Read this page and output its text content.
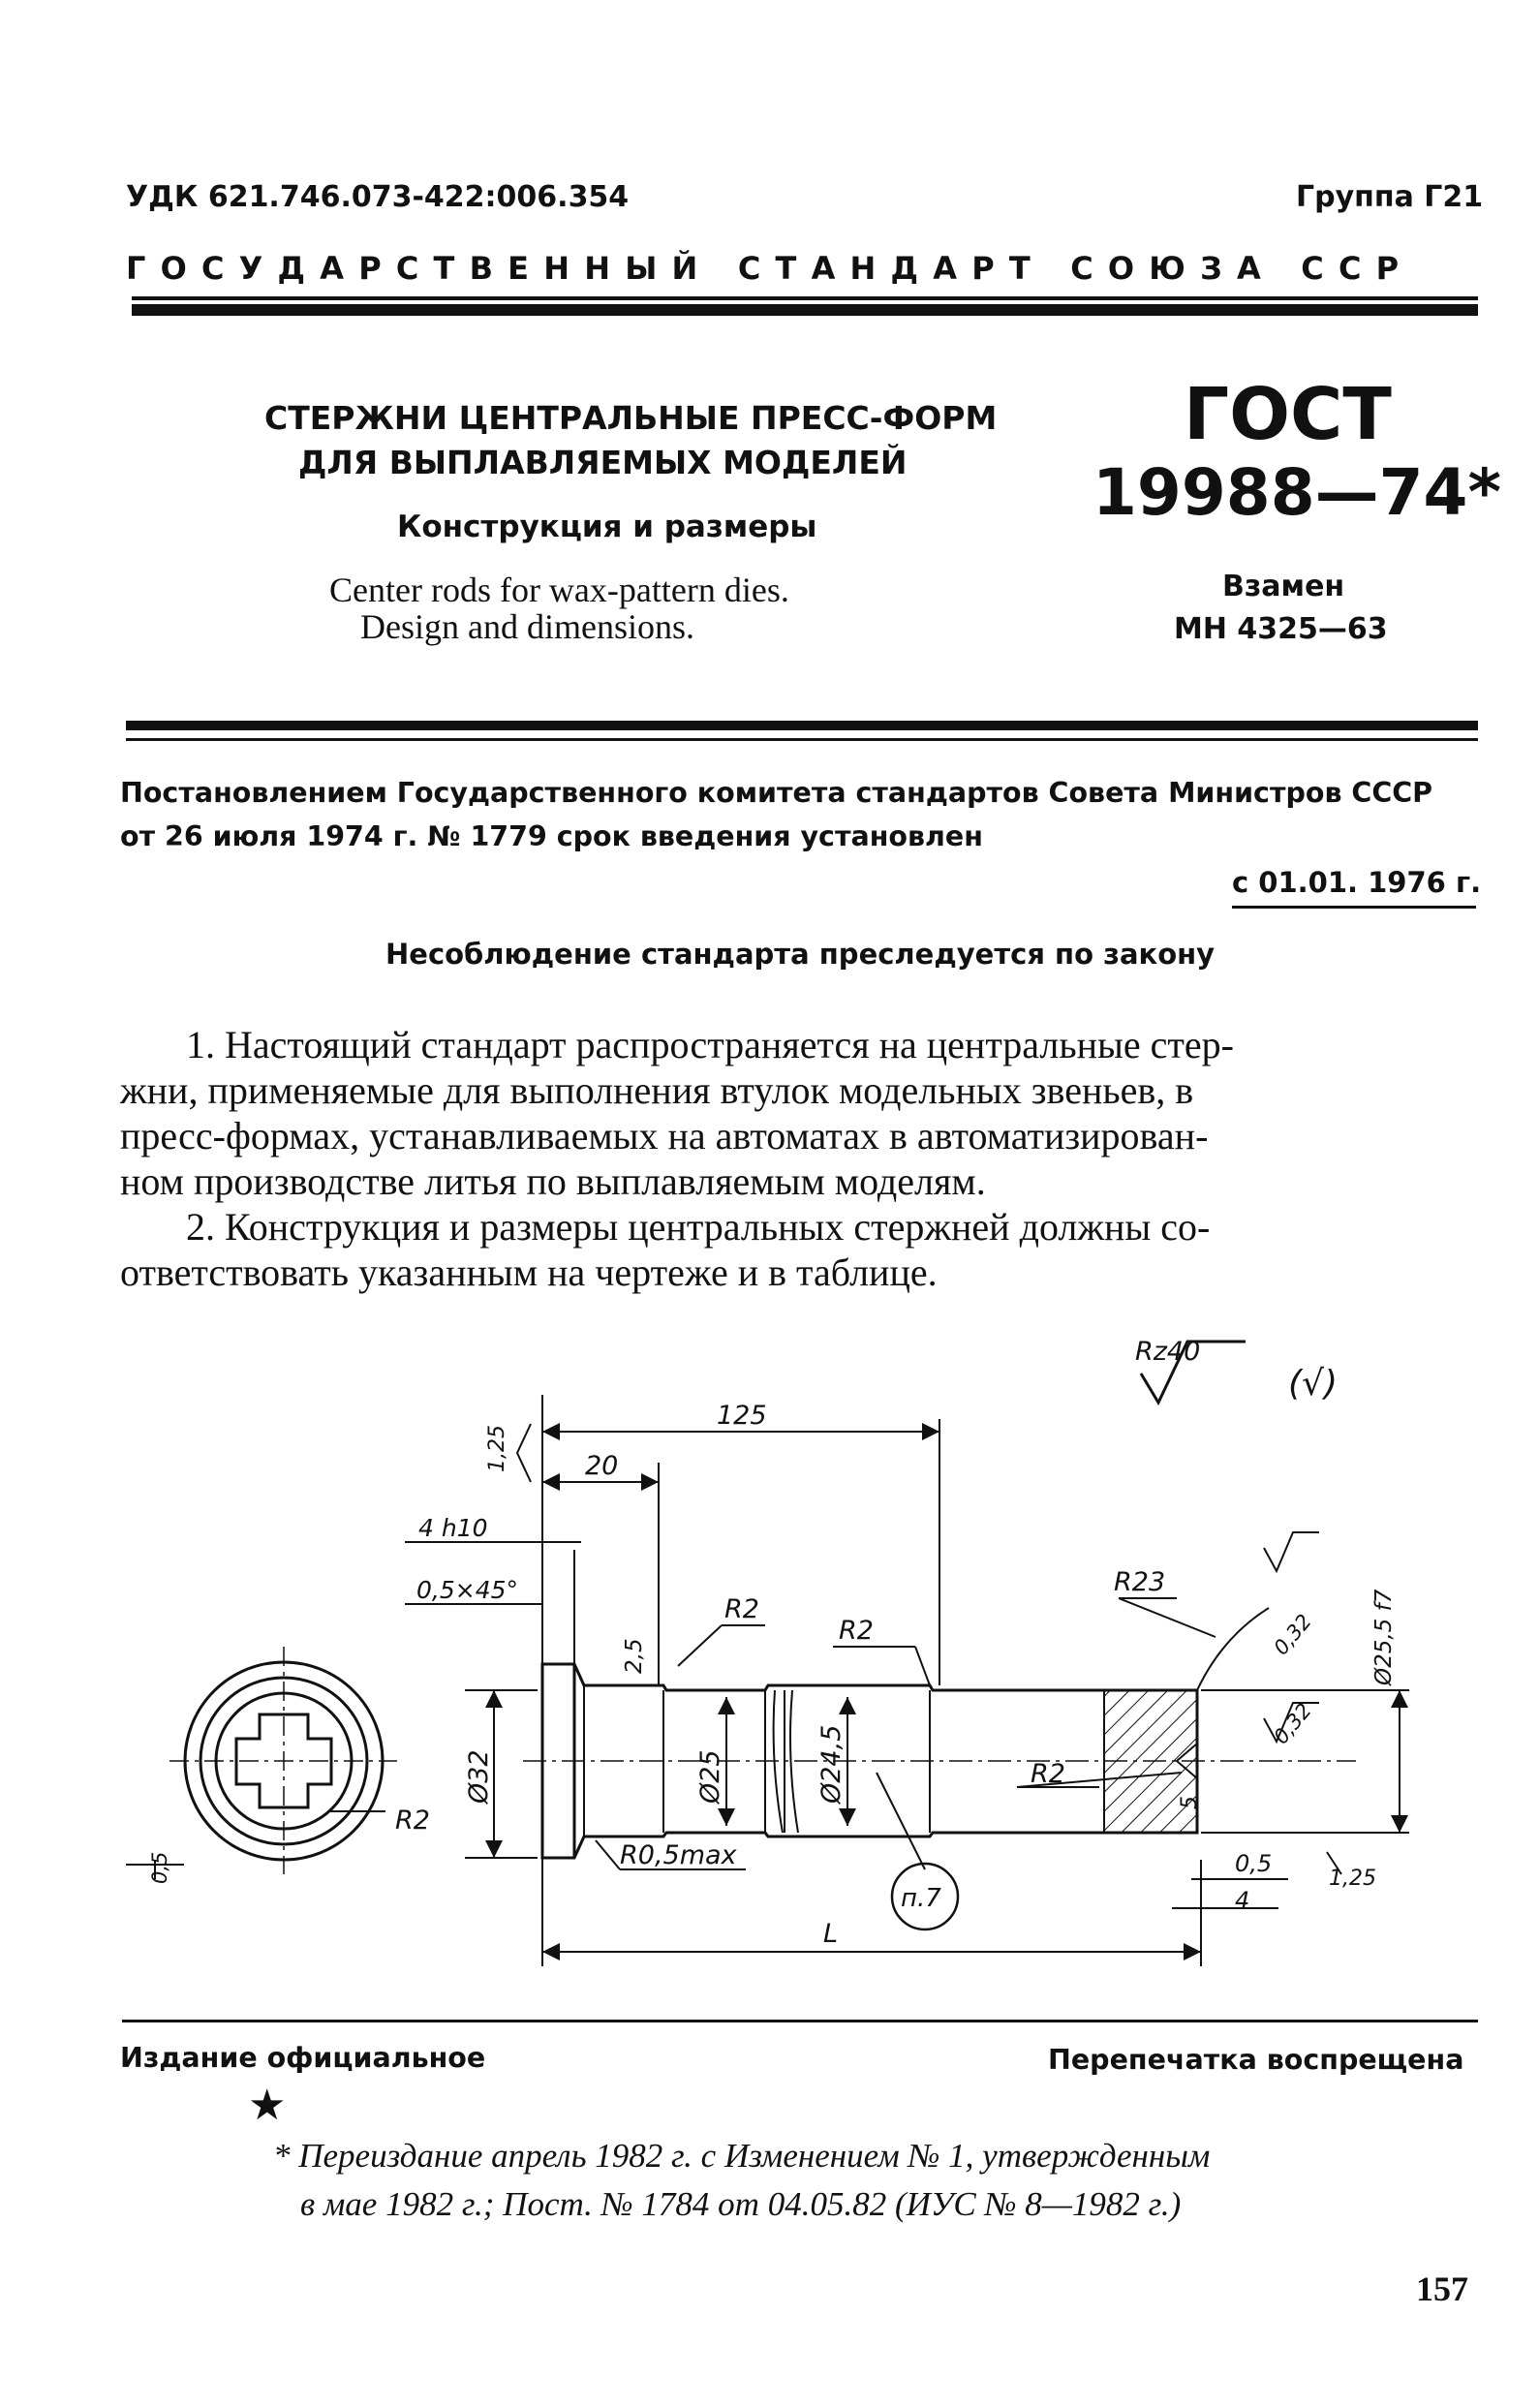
УДК 621.746.073-422:006.354	Группа Г21
ГОСУДАРСТВЕННЫЙ СТАНДАРТ СОЮЗА ССР
СТЕРЖНИ ЦЕНТРАЛЬНЫЕ ПРЕСС-ФОРМ
ДЛЯ ВЫПЛАВЛЯЕМЫХ МОДЕЛЕЙ
Конструкция и размеры
Center rods for wax-pattern dies.
Design and dimensions.
ГОСТ
19988—74*
Взамен
МН 4325—63
Постановлением Государственного комитета стандартов Совета Министров СССР
от 26 июля 1974 г. № 1779 срок введения установлен
с 01.01. 1976 г.
Несоблюдение стандарта преследуется по закону
1. Настоящий стандарт распространяется на центральные стер-
жни, применяемые для выполнения втулок модельных звеньев, в
пресс-формах, устанавливаемых на автоматах в автоматизирован-
ном производстве литья по выплавляемым моделям.
2. Конструкция и размеры центральных стержней должны со-
ответствовать указанным на чертеже и в таблице.
Rz40
(√)
125
20
1,25
4 h10
0,5×45°
2,5
R2
R2
R23
0,32
0,32
Ø25,5 f7
Ø32	Ø25	Ø24,5	R2
R2
5
0,5
R0,5max
0,5
4
1,25
п.7
L
Издание официальное	Перепечатка воспрещена
★
* Переиздание апрель 1982 г. с Изменением № 1, утвержденным
в мае 1982 г.; Пост. № 1784 от 04.05.82 (ИУС № 8—1982 г.)
157
